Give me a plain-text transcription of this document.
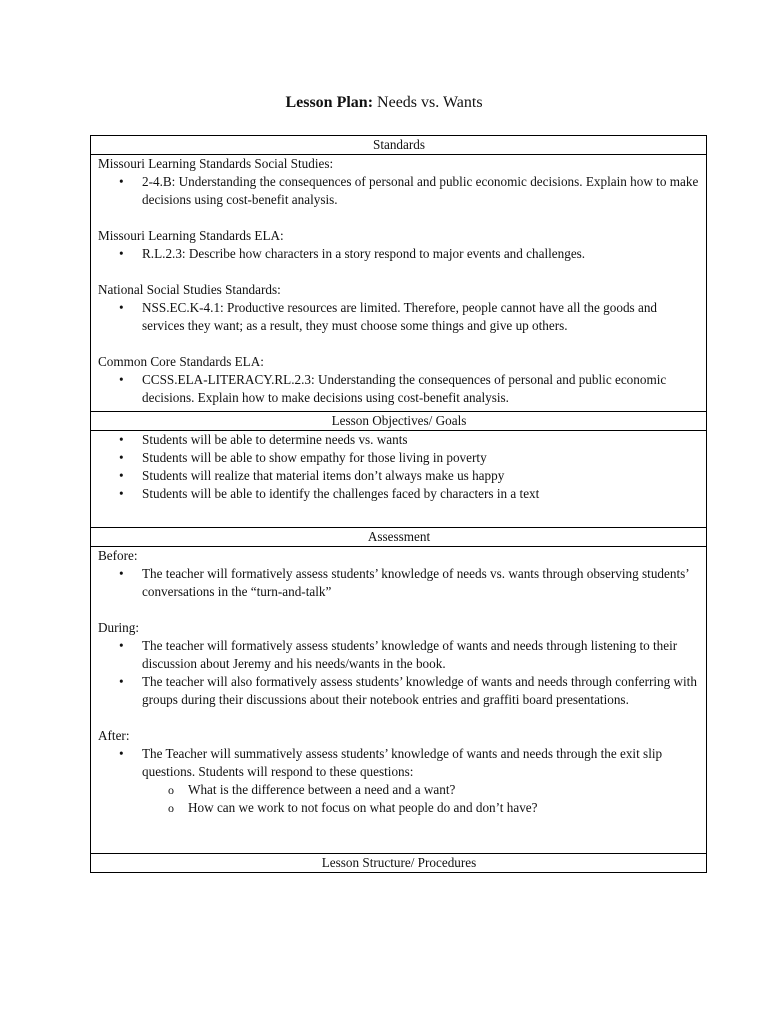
Lesson Plan: Needs vs. Wants
Standards

Missouri Learning Standards Social Studies:

• 2-4.B: Understanding the consequences of personal and public economic decisions. Explain how to make decisions using cost-benefit analysis.

Missouri Learning Standards ELA:

• R.L.2.3: Describe how characters in a story respond to major events and challenges.

National Social Studies Standards:

• NSS.EC.K-4.1: Productive resources are limited. Therefore, people cannot have all the goods and services they want; as a result, they must choose some things and give up others.

Common Core Standards ELA:

• CCSS.ELA-LITERACY.RL.2.3: Understanding the consequences of personal and public economic decisions. Explain how to make decisions using cost-benefit analysis.

Lesson Objectives/ Goals

• Students will be able to determine needs vs. wants
• Students will be able to show empathy for those living in poverty
• Students will realize that material items don’t always make us happy
• Students will be able to identify the challenges faced by characters in a text

Assessment

Before:

• The teacher will formatively assess students’ knowledge of needs vs. wants through observing students’ conversations in the “turn-and-talk”

During:

• The teacher will formatively assess students’ knowledge of wants and needs through listening to their discussion about Jeremy and his needs/wants in the book.
• The teacher will also formatively assess students’ knowledge of wants and needs through conferring with groups during their discussions about their notebook entries and graffiti board presentations.

After:

• The Teacher will summatively assess students’ knowledge of wants and needs through the exit slip questions. Students will respond to these questions:
o What is the difference between a need and a want?
o How can we work to not focus on what people do and don’t have?

Lesson Structure/ Procedures
